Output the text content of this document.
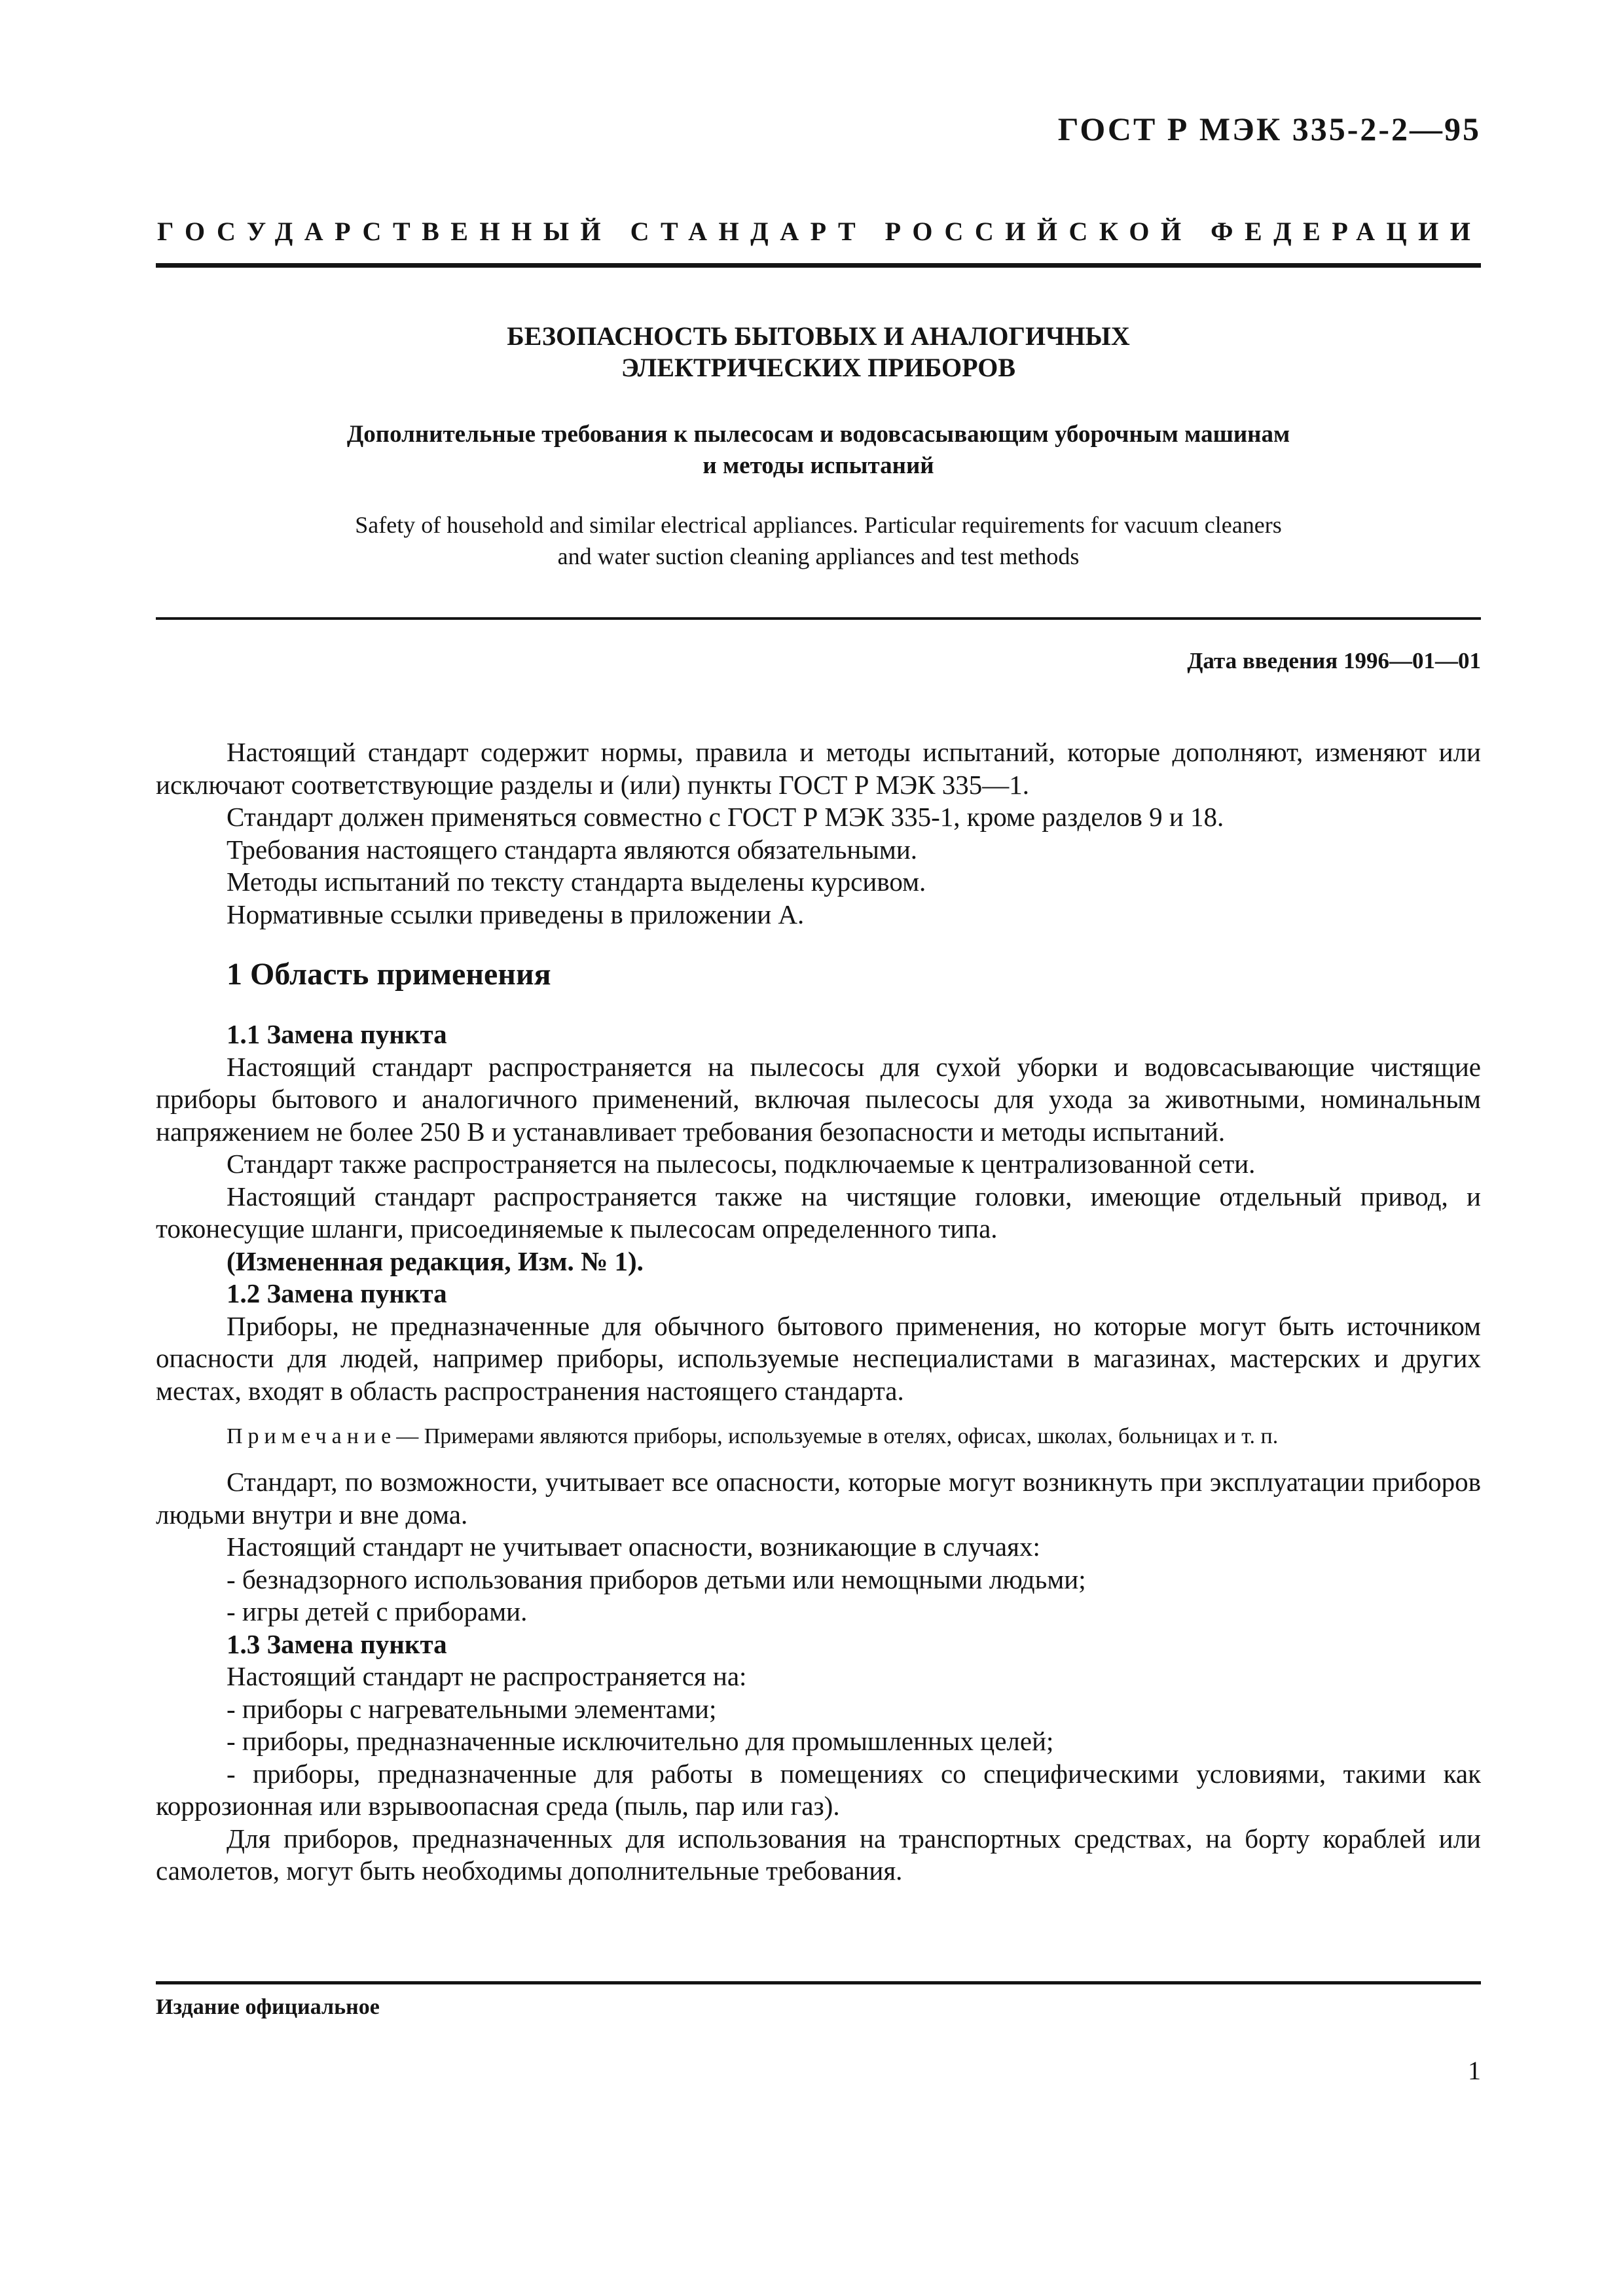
ГОСТ Р МЭК 335-2-2—95
ГОСУДАРСТВЕННЫЙ СТАНДАРТ РОССИЙСКОЙ ФЕДЕРАЦИИ
БЕЗОПАСНОСТЬ БЫТОВЫХ И АНАЛОГИЧНЫХ
ЭЛЕКТРИЧЕСКИХ ПРИБОРОВ
Дополнительные требования к пылесосам и водовсасывающим уборочным машинам
и методы испытаний
Safety of household and similar electrical appliances. Particular requirements for vacuum cleaners
and water suction cleaning appliances and test methods
Дата введения 1996—01—01

Настоящий стандарт содержит нормы, правила и методы испытаний, которые дополняют, изменяют или исключают соответствующие разделы и (или) пункты ГОСТ Р МЭК 335—1.

Стандарт должен применяться совместно с ГОСТ Р МЭК 335-1, кроме разделов 9 и 18.

Требования настоящего стандарта являются обязательными.

Методы испытаний по тексту стандарта выделены курсивом.

Нормативные ссылки приведены в приложении А.

1 Область применения
1.1 Замена пункта

Настоящий стандарт распространяется на пылесосы для сухой уборки и водовсасывающие чистящие приборы бытового и аналогичного применений, включая пылесосы для ухода за животными, номинальным напряжением не более 250 В и устанавливает требования безопасности и методы испытаний.

Стандарт также распространяется на пылесосы, подключаемые к централизованной сети.

Настоящий стандарт распространяется также на чистящие головки, имеющие отдельный привод, и токонесущие шланги, присоединяемые к пылесосам определенного типа.

(Измененная редакция, Изм. № 1).
1.2 Замена пункта

Приборы, не предназначенные для обычного бытового применения, но которые могут быть источником опасности для людей, например приборы, используемые неспециалистами в магазинах, мастерских и других местах, входят в область распространения настоящего стандарта.

Примечание— Примерами являются приборы, используемые в отелях, офисах, школах, больницах и т. п.

Стандарт, по возможности, учитывает все опасности, которые могут возникнуть при эксплуатации приборов людьми внутри и вне дома.

Настоящий стандарт не учитывает опасности, возникающие в случаях:

- безнадзорного использования приборов детьми или немощными людьми;

- игры детей с приборами.

1.3 Замена пункта

Настоящий стандарт не распространяется на:

- приборы с нагревательными элементами;

- приборы, предназначенные исключительно для промышленных целей;

- приборы, предназначенные для работы в помещениях со специфическими условиями, такими как коррозионная или взрывоопасная среда (пыль, пар или газ).

Для приборов, предназначенных для использования на транспортных средствах, на борту кораблей или самолетов, могут быть необходимы дополнительные требования.

Издание официальное
1
